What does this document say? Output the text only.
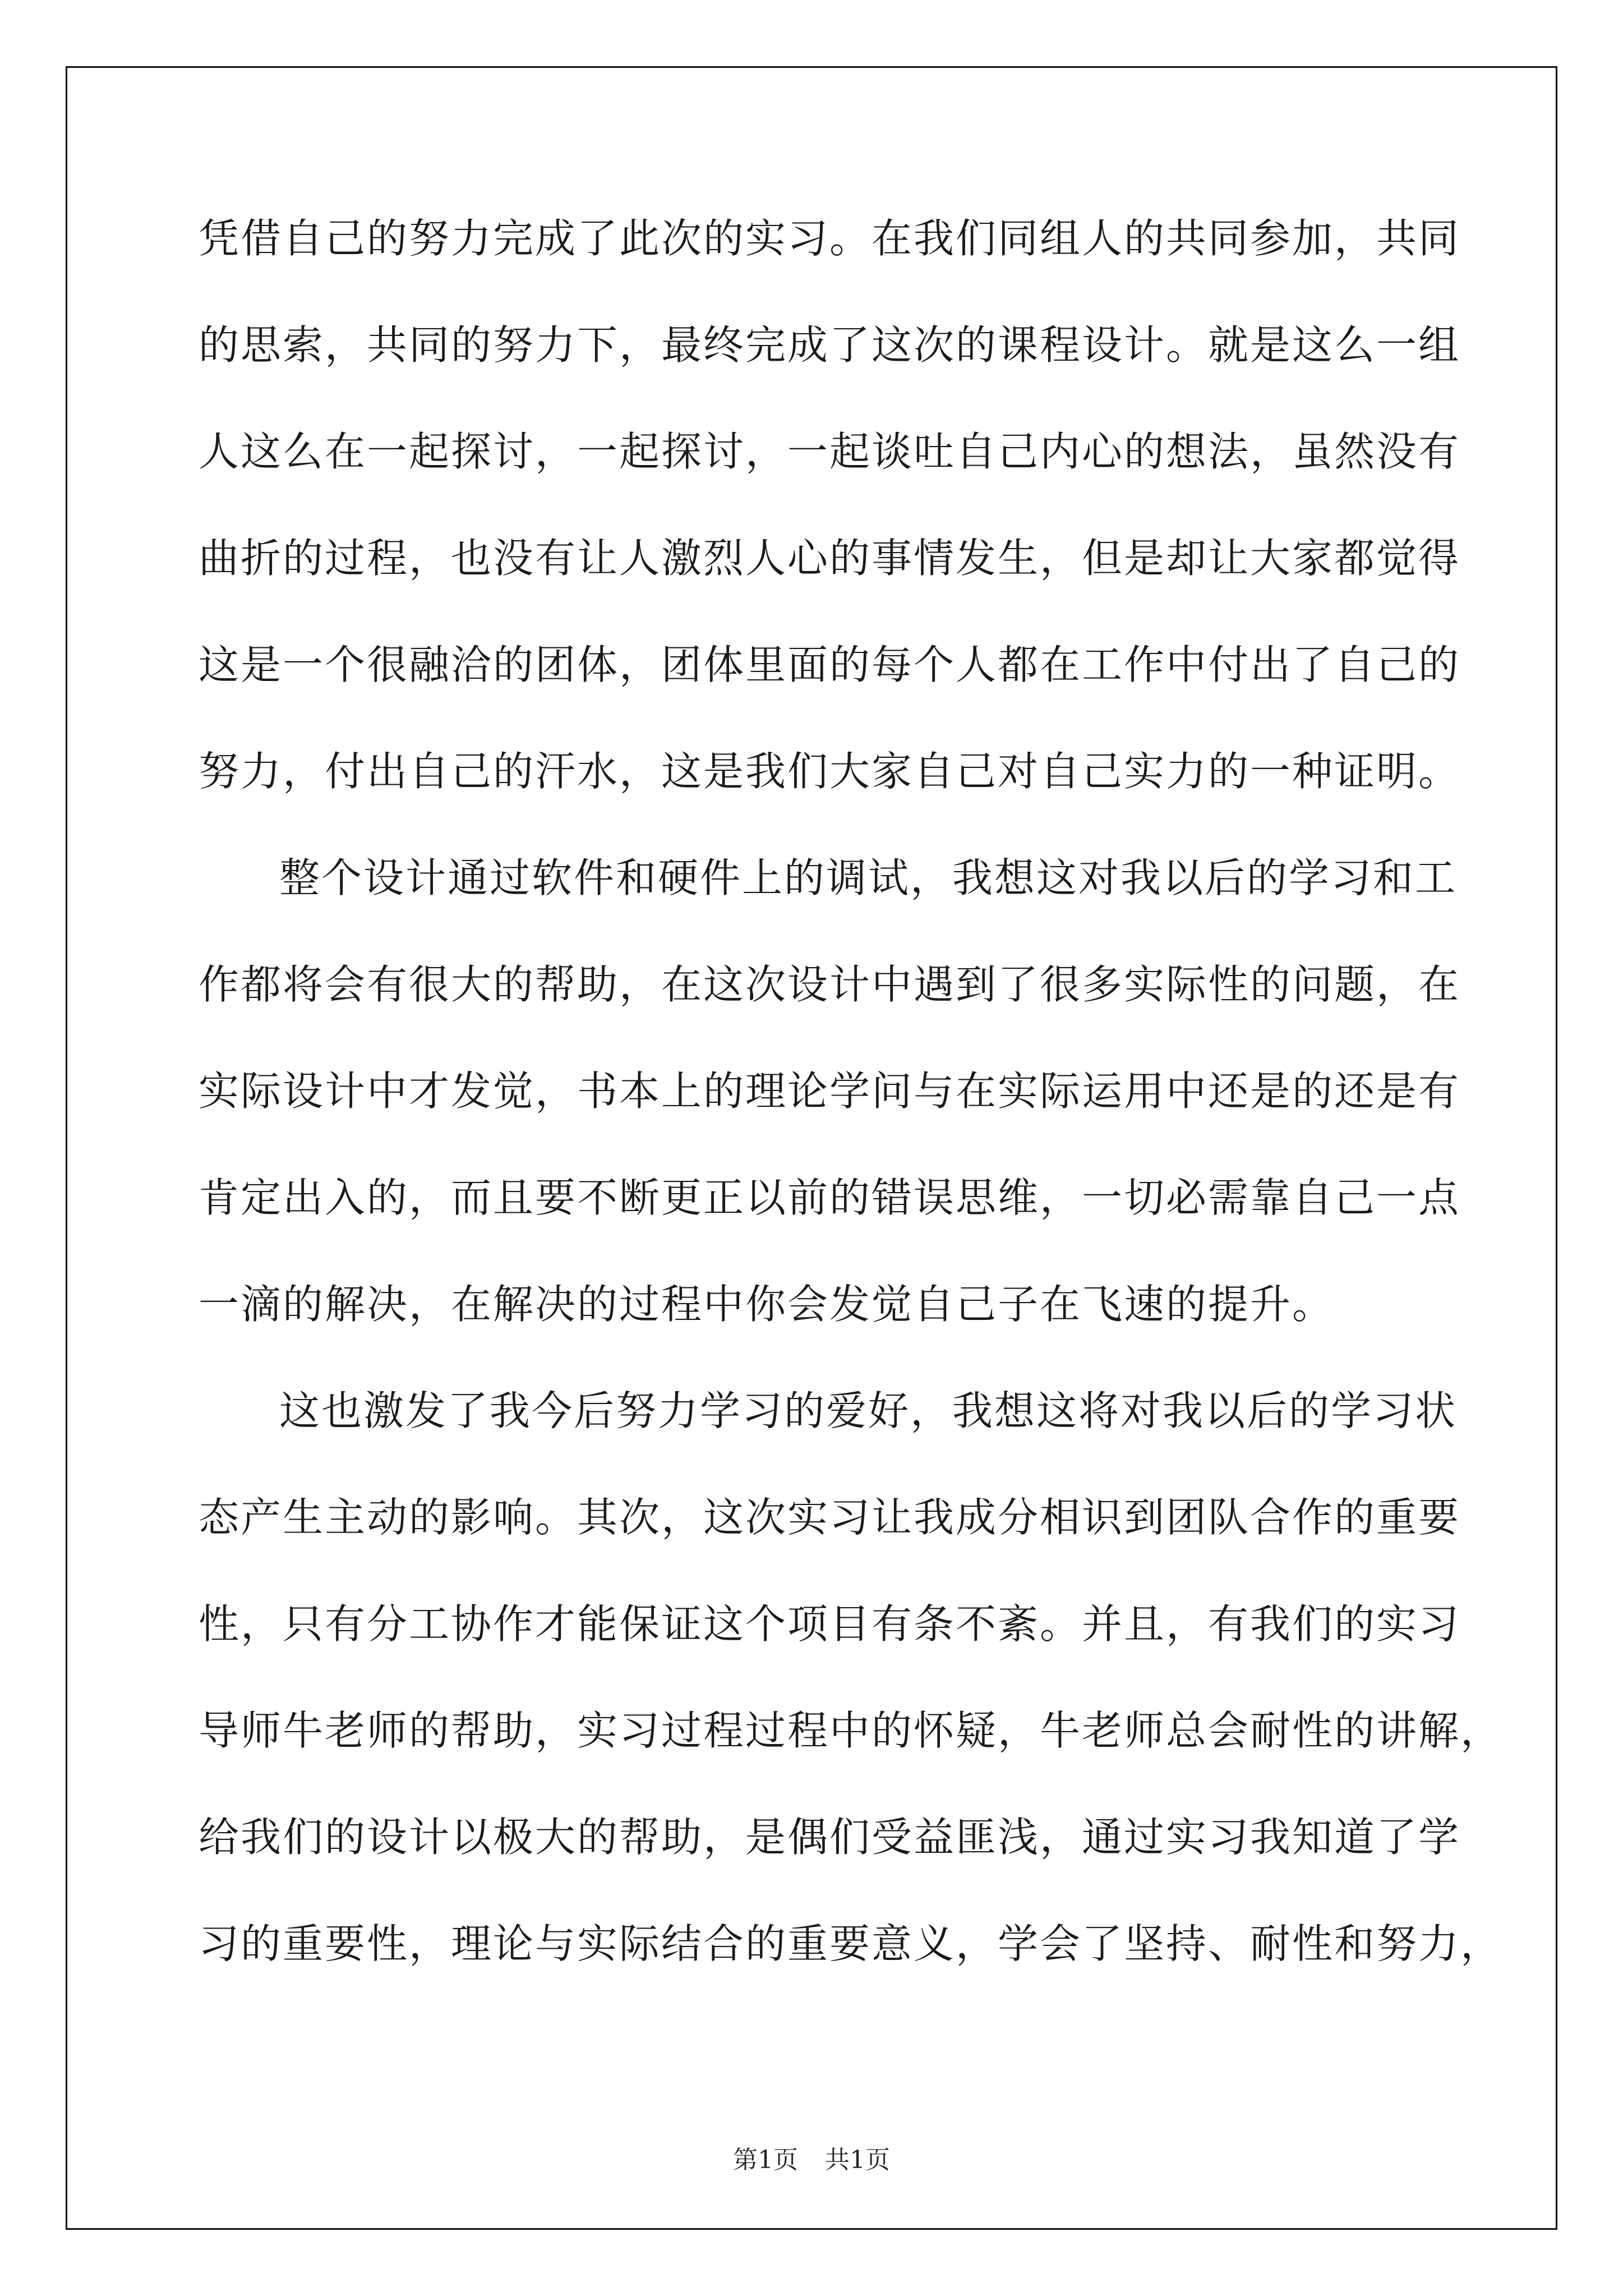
凭借自己的努力完成了此次的实习。在我们同组人的共同参加，共同
的思索，共同的努力下，最终完成了这次的课程设计。就是这么一组
人这么在一起探讨，一起探讨，一起谈吐自己内心的想法，虽然没有
曲折的过程，也没有让人激烈人心的事情发生，但是却让大家都觉得
这是一个很融洽的团体，团体里面的每个人都在工作中付出了自己的
努力，付出自己的汗水，这是我们大家自己对自己实力的一种证明。
整个设计通过软件和硬件上的调试，我想这对我以后的学习和工
作都将会有很大的帮助，在这次设计中遇到了很多实际性的问题，在
实际设计中才发觉，书本上的理论学问与在实际运用中还是的还是有
肯定出入的，而且要不断更正以前的错误思维，一切必需靠自己一点
一滴的解决，在解决的过程中你会发觉自己子在飞速的提升。
这也激发了我今后努力学习的爱好，我想这将对我以后的学习状
态产生主动的影响。其次，这次实习让我成分相识到团队合作的重要
性，只有分工协作才能保证这个项目有条不紊。并且，有我们的实习
导师牛老师的帮助，实习过程过程中的怀疑，牛老师总会耐性的讲解，
给我们的设计以极大的帮助，是偶们受益匪浅，通过实习我知道了学
习的重要性，理论与实际结合的重要意义，学会了坚持、耐性和努力，
第1页 共1页
